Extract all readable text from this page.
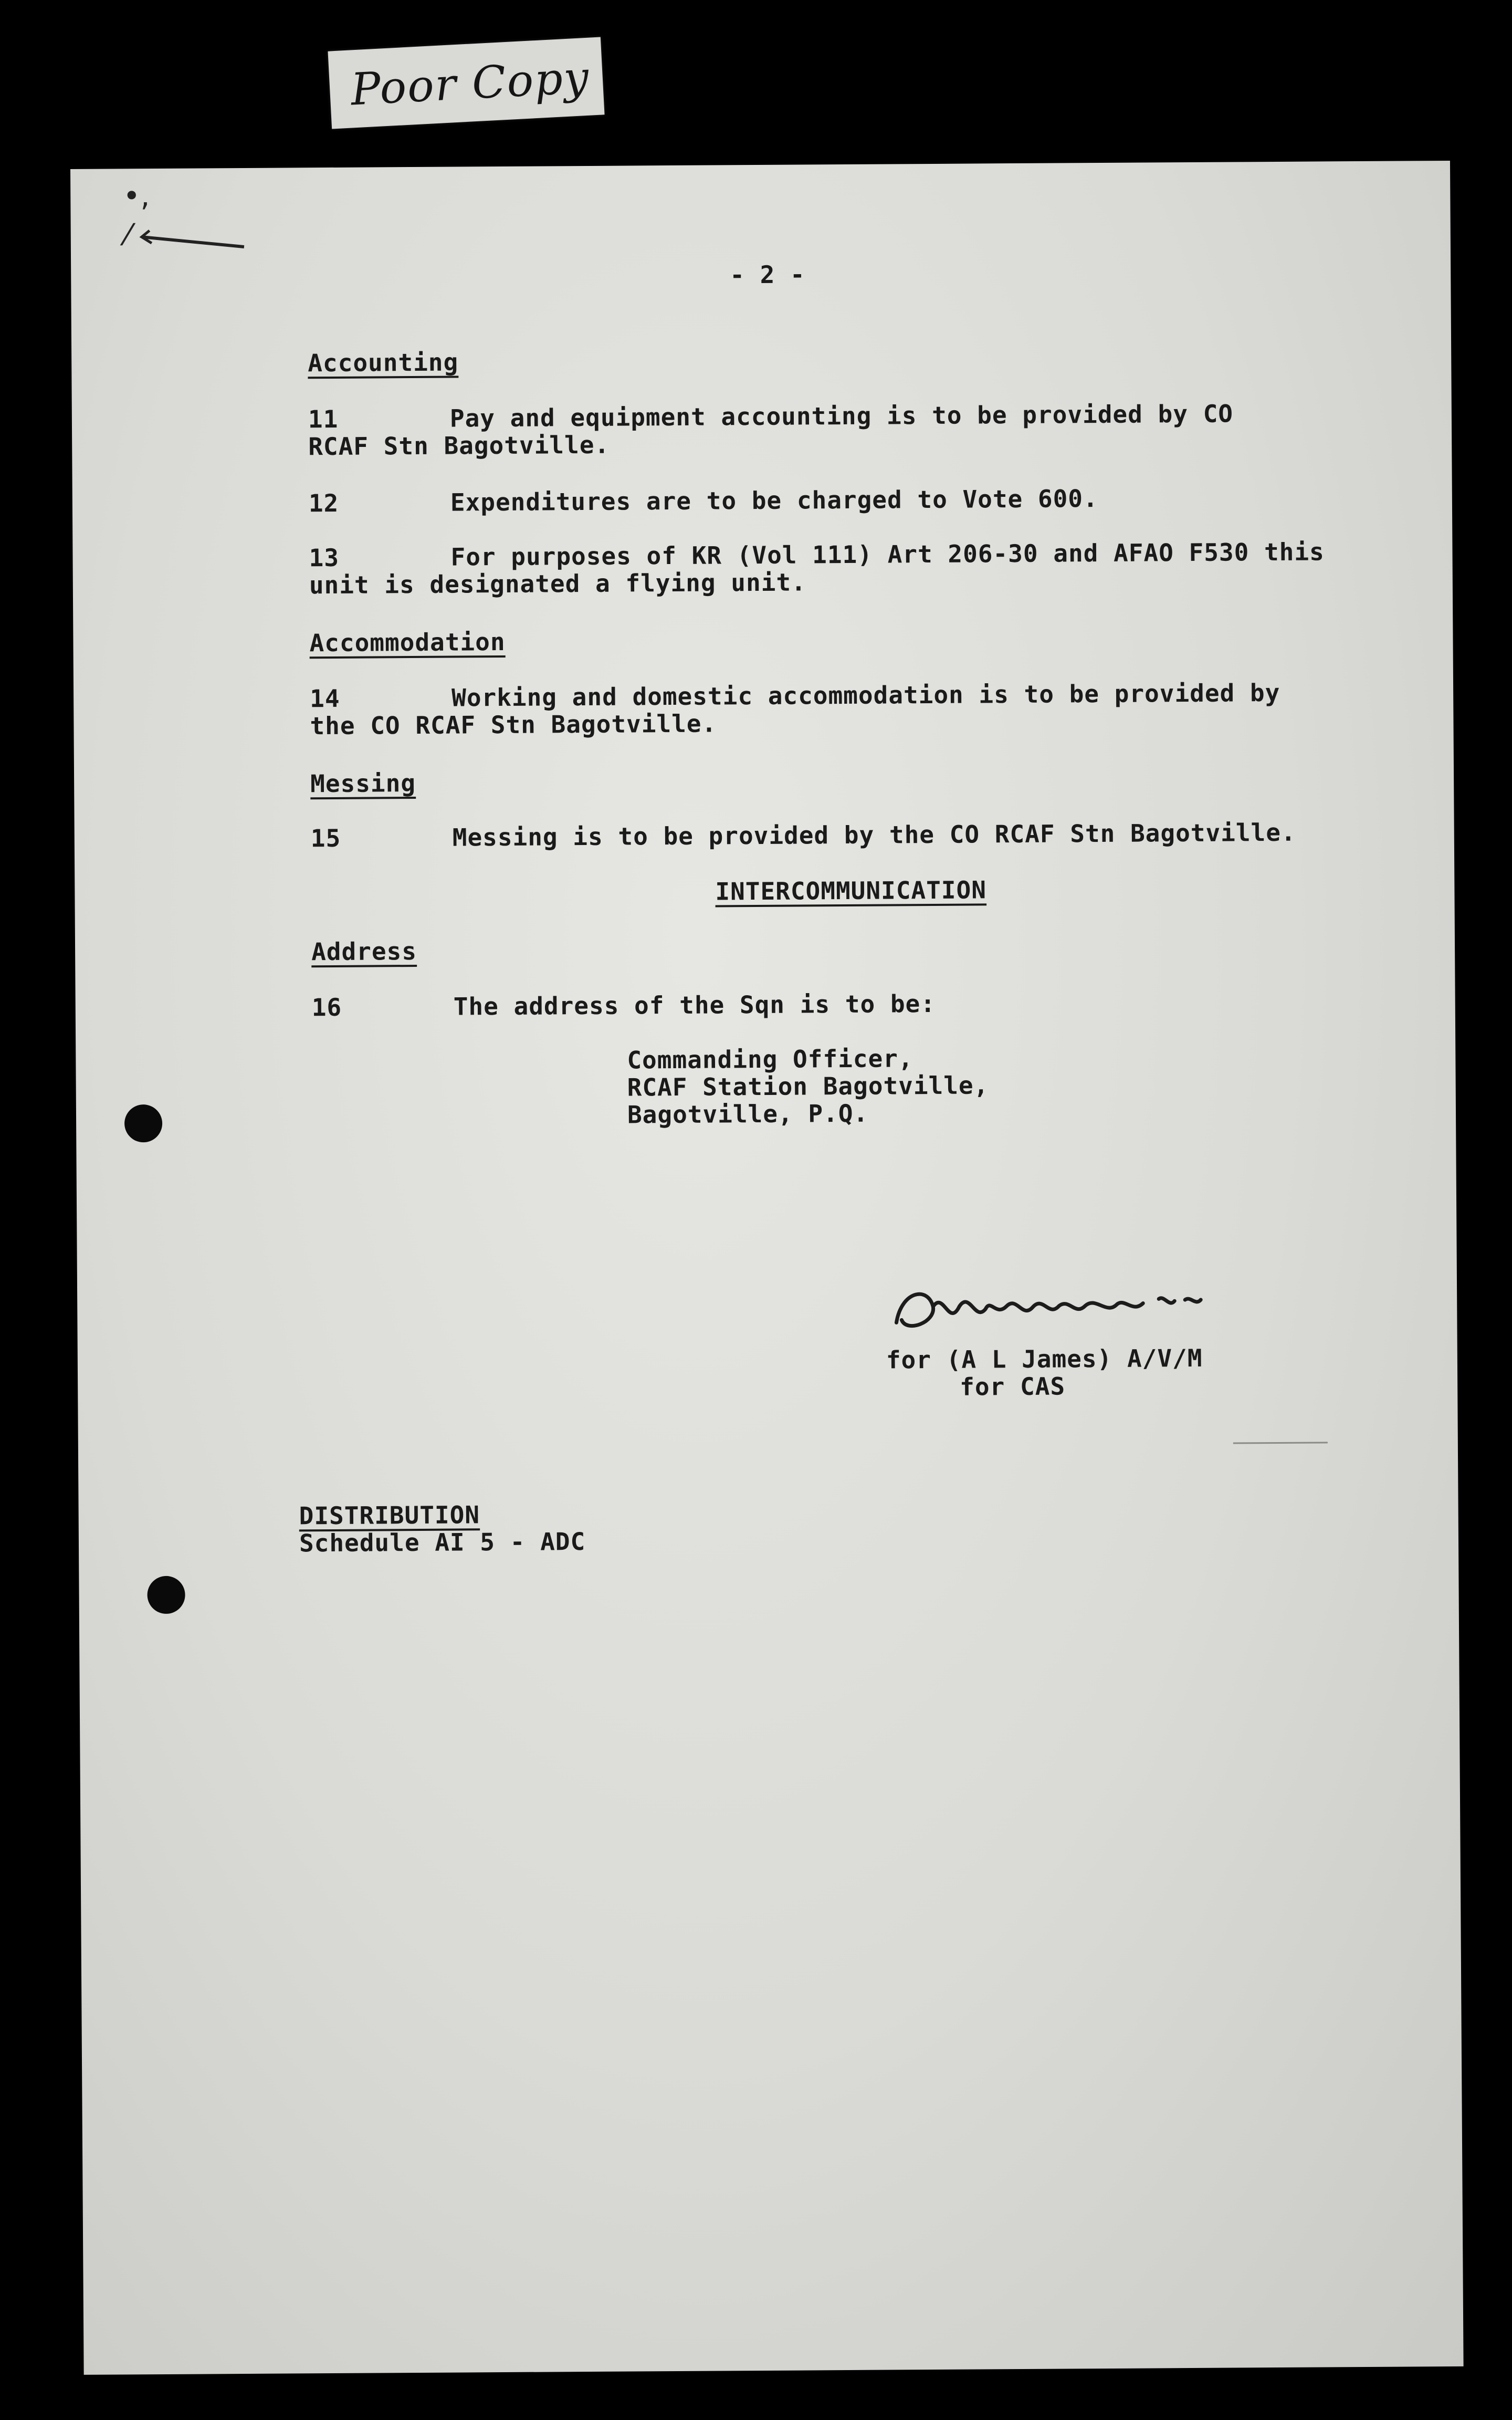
Poor Copy
•,
⁄
- 2 -
Accounting
11	Pay and equipment accounting is to be provided by CO
RCAF Stn Bagotville.
12	Expenditures are to be charged to Vote 600.
13	For purposes of KR (Vol 111) Art 206-30 and AFAO F530 this
unit is designated a flying unit.
Accommodation
14	Working and domestic accommodation is to be provided by
the CO RCAF Stn Bagotville.
Messing
15	Messing is to be provided by the CO RCAF Stn Bagotville.
INTERCOMMUNICATION
Address
16	The address of the Sqn is to be:
Commanding Officer,
RCAF Station Bagotville,
Bagotville, P.Q.
for (A L James) A/V/M
for CAS
DISTRIBUTION
Schedule AI 5 - ADC
